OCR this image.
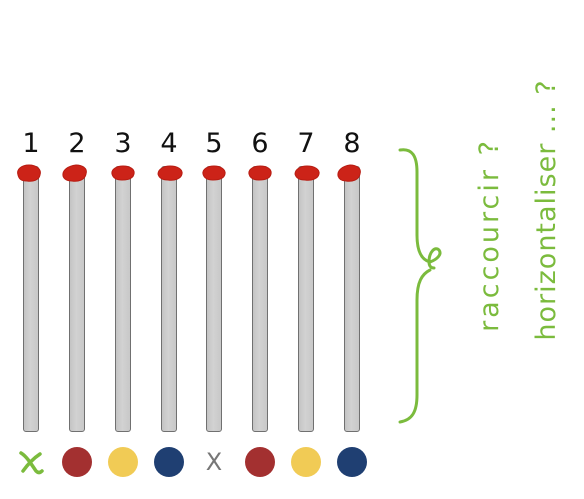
1 2 3 4 5
X
6 7 8	raccourcir ? horizontaliser ... ?
